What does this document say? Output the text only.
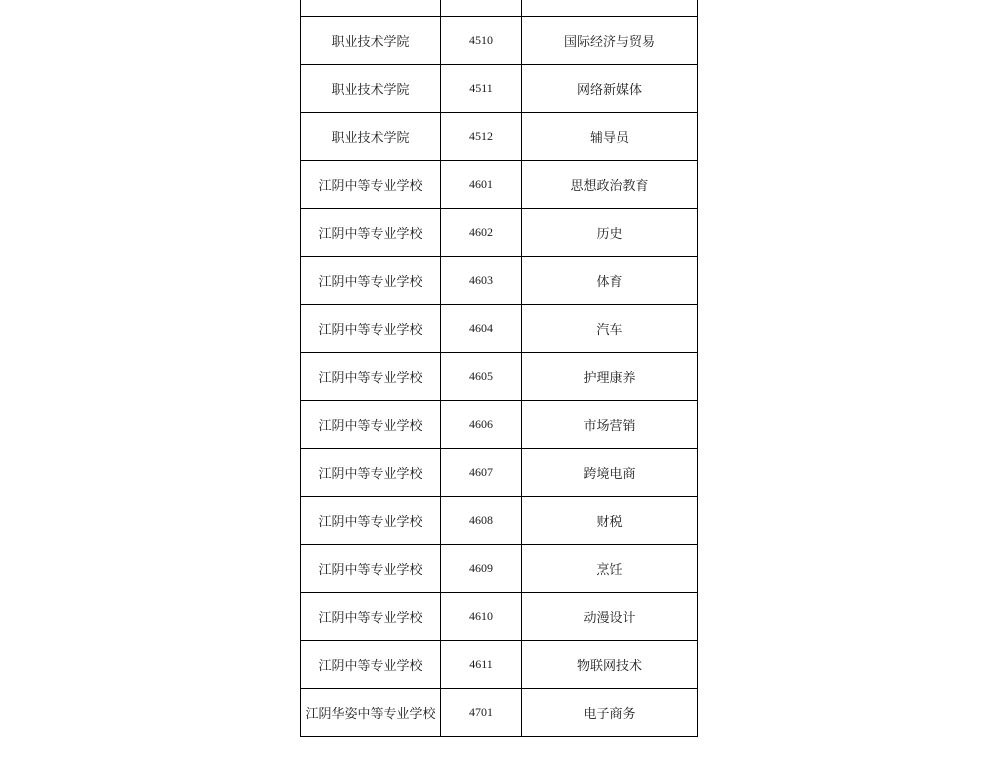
职业技术学院	4510	国际经济与贸易
职业技术学院	4511	网络新媒体
职业技术学院	4512	辅导员
江阴中等专业学校	4601	思想政治教育
江阴中等专业学校	4602	历史
江阴中等专业学校	4603	体育
江阴中等专业学校	4604	汽车
江阴中等专业学校	4605	护理康养
江阴中等专业学校	4606	市场营销
江阴中等专业学校	4607	跨境电商
江阴中等专业学校	4608	财税
江阴中等专业学校	4609	烹饪
江阴中等专业学校	4610	动漫设计
江阴中等专业学校	4611	物联网技术
江阴华姿中等专业学校	4701	电子商务
